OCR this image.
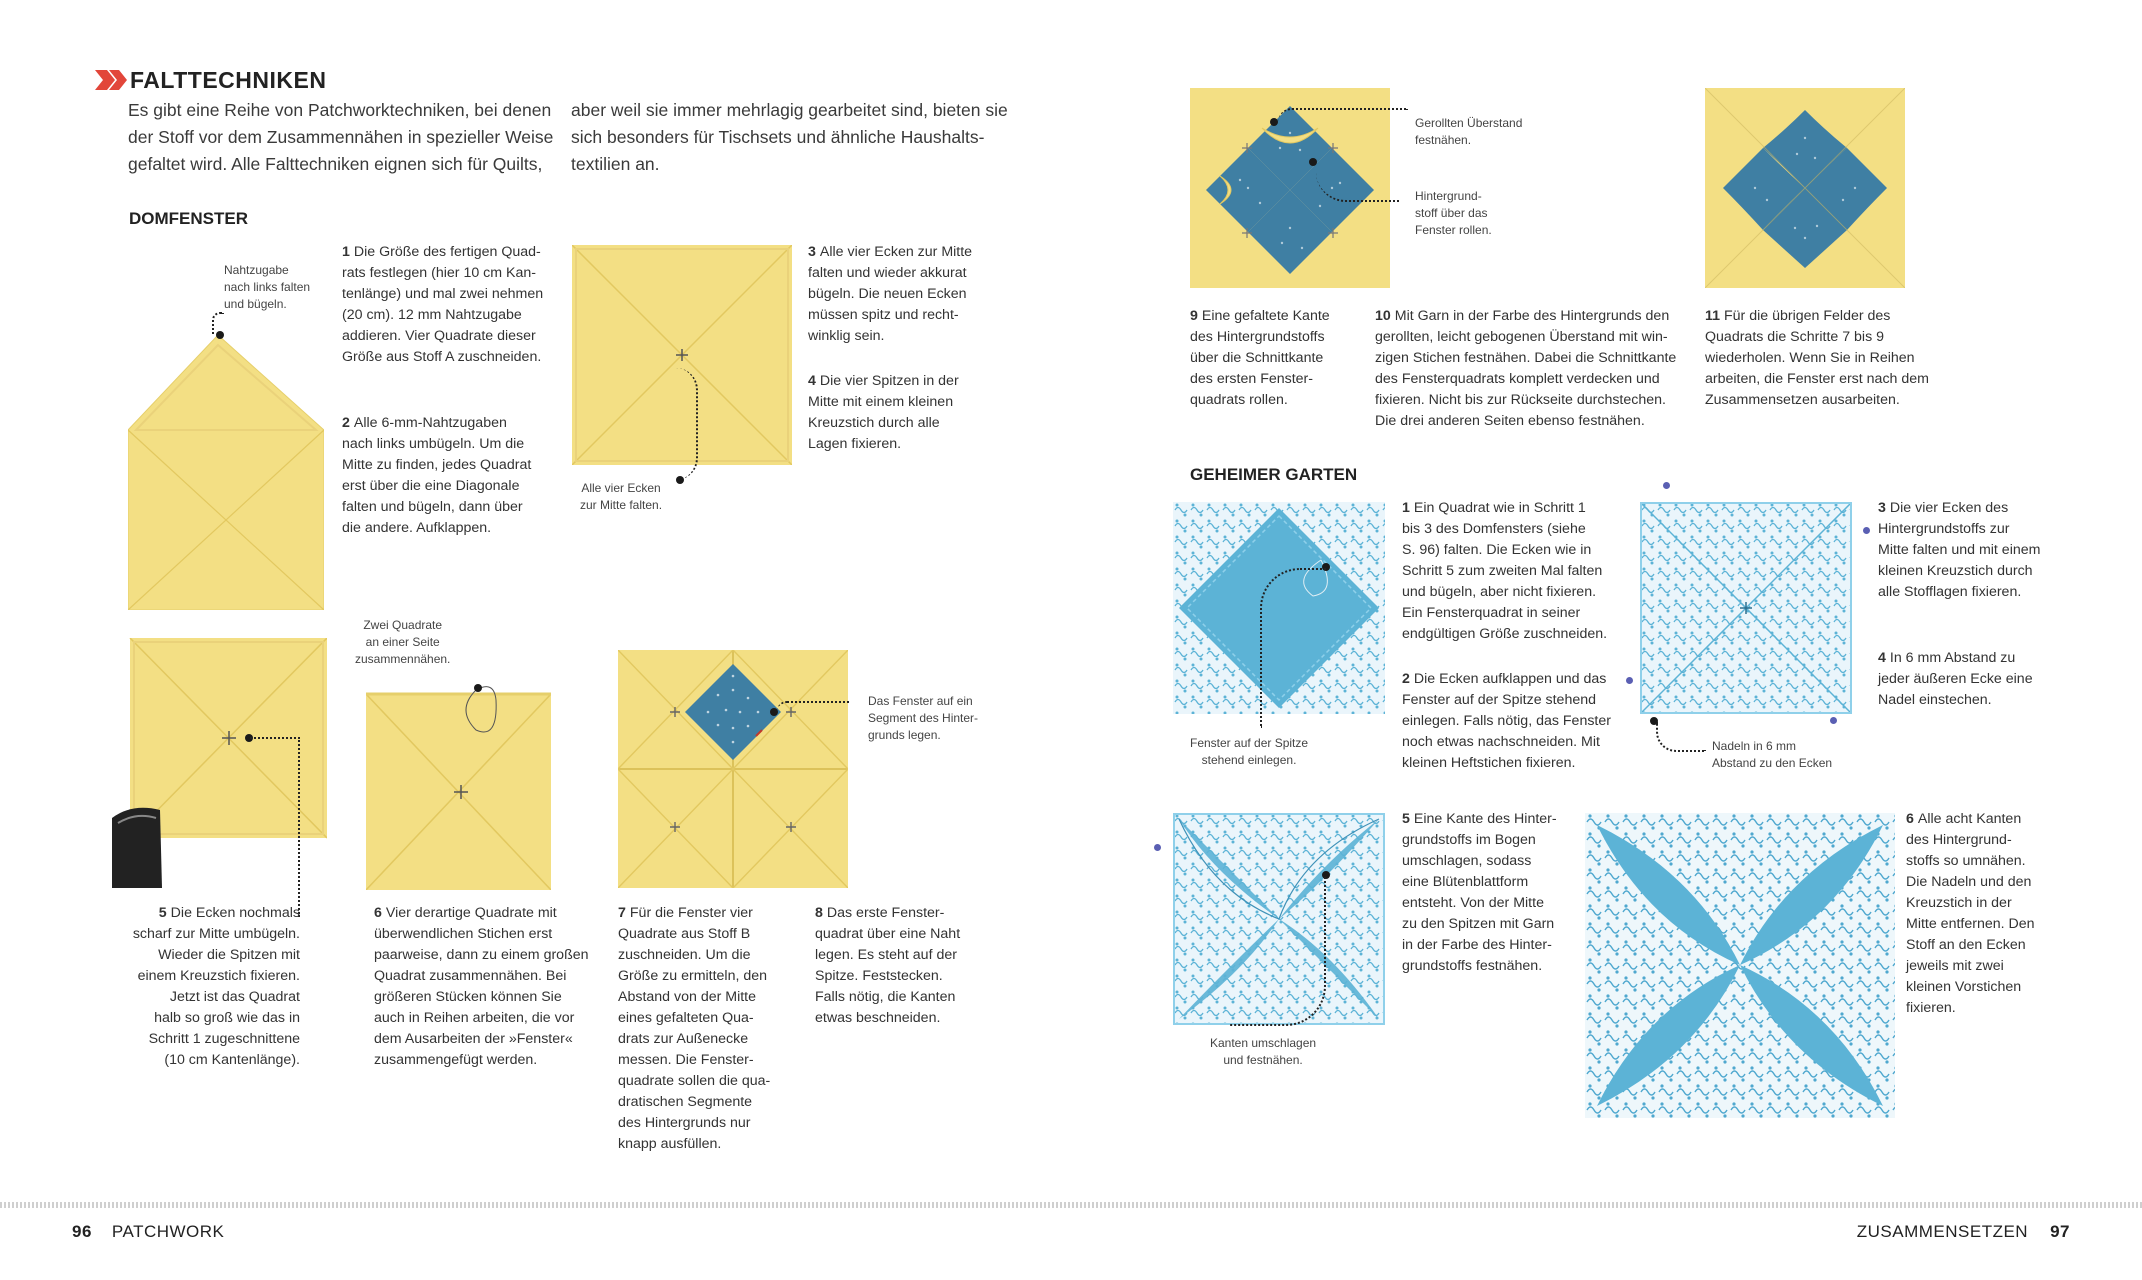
FALTTECHNIKEN
Es gibt eine Reihe von Patchworktechniken, bei denen
der Stoff vor dem Zusammennähen in spezieller Weise
gefaltet wird. Alle Falttechniken eignen sich für Quilts,
aber weil sie immer mehrlagig gearbeitet sind, bieten sie
sich besonders für Tischsets und ähnliche Haushalts-
textilien an.
DOMFENSTER
Nahtzugabe
nach links falten
und bügeln.
1 Die Größe des fertigen Quad-
rats festlegen (hier 10 cm Kan-
tenlänge) und mal zwei nehmen
(20 cm). 12 mm Nahtzugabe
addieren. Vier Quadrate dieser
Größe aus Stoff A zuschneiden.
2 Alle 6-mm-Nahtzugaben
nach links umbügeln. Um die
Mitte zu finden, jedes Quadrat
erst über die eine Diagonale
falten und bügeln, dann über
die andere. Aufklappen.
Alle vier Ecken
zur Mitte falten.
3 Alle vier Ecken zur Mitte
falten und wieder akkurat
bügeln. Die neuen Ecken
müssen spitz und recht-
winklig sein.
4 Die vier Spitzen in der
Mitte mit einem kleinen
Kreuzstich durch alle
Lagen fixieren.
5 Die Ecken nochmals
scharf zur Mitte umbügeln.
Wieder die Spitzen mit
einem Kreuzstich fixieren.
Jetzt ist das Quadrat
halb so groß wie das in
Schritt 1 zugeschnittene
(10 cm Kantenlänge).
Zwei Quadrate
an einer Seite
zusammennähen.
6 Vier derartige Quadrate mit
überwendlichen Stichen erst
paarweise, dann zu einem großen
Quadrat zusammennähen. Bei
größeren Stücken können Sie
auch in Reihen arbeiten, die vor
dem Ausarbeiten der »Fenster«
zusammengefügt werden.
Das Fenster auf ein
Segment des Hinter-
grunds legen.
7 Für die Fenster vier
Quadrate aus Stoff B
zuschneiden. Um die
Größe zu ermitteln, den
Abstand von der Mitte
eines gefalteten Qua-
drats zur Außenecke
messen. Die Fenster-
quadrate sollen die qua-
dratischen Segmente
des Hintergrunds nur
knapp ausfüllen.
8 Das erste Fenster-
quadrat über eine Naht
legen. Es steht auf der
Spitze. Feststecken.
Falls nötig, die Kanten
etwas beschneiden.
Gerollten Überstand
festnähen.
Hintergrund-
stoff über das
Fenster rollen.
9 Eine gefaltete Kante
des Hintergrundstoffs
über die Schnittkante
des ersten Fenster-
quadrats rollen.
10 Mit Garn in der Farbe des Hintergrunds den
gerollten, leicht gebogenen Überstand mit win-
zigen Stichen festnähen. Dabei die Schnittkante
des Fensterquadrats komplett verdecken und
fixieren. Nicht bis zur Rückseite durchstechen.
Die drei anderen Seiten ebenso festnähen.
11 Für die übrigen Felder des
Quadrats die Schritte 7 bis 9
wiederholen. Wenn Sie in Reihen
arbeiten, die Fenster erst nach dem
Zusammensetzen ausarbeiten.
GEHEIMER GARTEN
Fenster auf der Spitze
stehend einlegen.
1 Ein Quadrat wie in Schritt 1
bis 3 des Domfensters (siehe
S. 96) falten. Die Ecken wie in
Schritt 5 zum zweiten Mal falten
und bügeln, aber nicht fixieren.
Ein Fensterquadrat in seiner
endgültigen Größe zuschneiden.
2 Die Ecken aufklappen und das
Fenster auf der Spitze stehend
einlegen. Falls nötig, das Fenster
noch etwas nachschneiden. Mit
kleinen Heftstichen fixieren.
Nadeln in 6 mm
Abstand zu den Ecken
3 Die vier Ecken des
Hintergrundstoffs zur
Mitte falten und mit einem
kleinen Kreuzstich durch
alle Stofflagen fixieren.
4 In 6 mm Abstand zu
jeder äußeren Ecke eine
Nadel einstechen.
Kanten umschlagen
und festnähen.
5 Eine Kante des Hinter-
grundstoffs im Bogen
umschlagen, sodass
eine Blütenblattform
entsteht. Von der Mitte
zu den Spitzen mit Garn
in der Farbe des Hinter-
grundstoffs festnähen.
6 Alle acht Kanten
des Hintergrund-
stoffs so umnähen.
Die Nadeln und den
Kreuzstich in der
Mitte entfernen. Den
Stoff an den Ecken
jeweils mit zwei
kleinen Vorstichen
fixieren.
96 PATCHWORK	ZUSAMMENSETZEN 97
